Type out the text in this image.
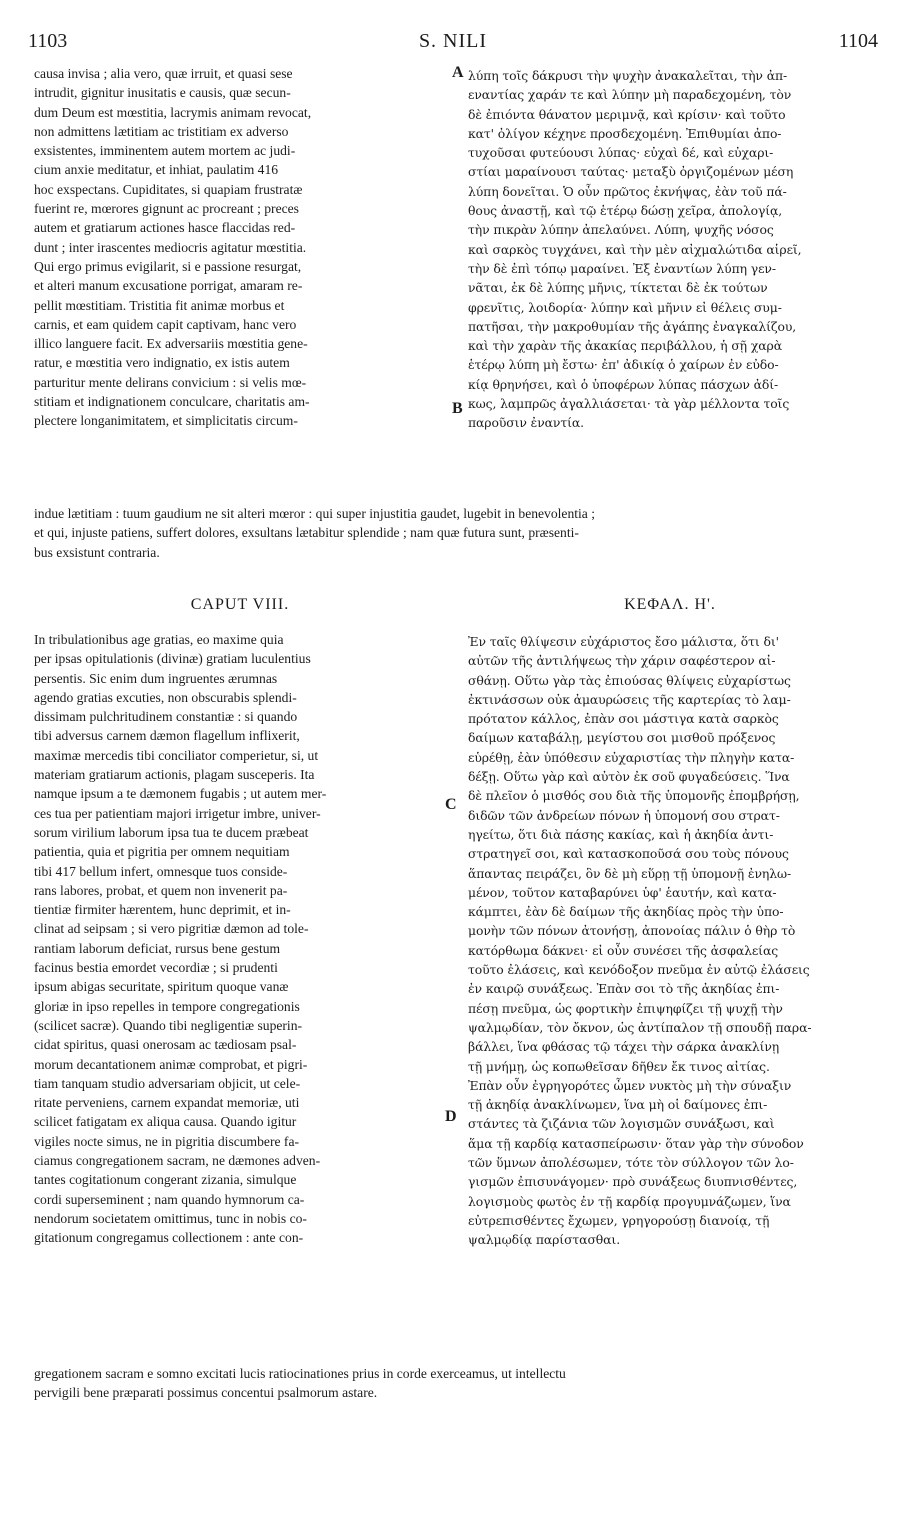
1103	S. NILI	1104
A
B
C
D
causa invisa ; alia vero, quæ irruit, et quasi sese
intrudit, gignitur inusitatis e causis, quæ secun-
dum Deum est mœstitia, lacrymis animam revocat,
non admittens lætitiam ac tristitiam ex adverso
exsistentes, imminentem autem mortem ac judi-
cium anxie meditatur, et inhiat, paulatim 416
hoc exspectans. Cupiditates, si quapiam frustratæ
fuerint re, mœrores gignunt ac procreant ; preces
autem et gratiarum actiones hasce flaccidas red-
dunt ; inter irascentes mediocris agitatur mœstitia.
Qui ergo primus evigilarit, si e passione resurgat,
et alteri manum excusatione porrigat, amaram re-
pellit mœstitiam. Tristitia fit animæ morbus et
carnis, et eam quidem capit captivam, hanc vero
illico languere facit. Ex adversariis mœstitia gene-
ratur, e mœstitia vero indignatio, ex istis autem
parturitur mente delirans convicium : si velis mœ-
stitiam et indignationem conculcare, charitatis am-
plectere longanimitatem, et simplicitatis circum-
λύπη τοῖς δάκρυσι τὴν ψυχὴν ἀνακαλεῖται, τὴν ἀπ-
εναντίας χαράν τε καὶ λύπην μὴ παραδεχομένη, τὸν
δὲ ἐπιόντα θάνατον μεριμνᾷ, καὶ κρίσιν· καὶ τοῦτο
κατ' ὀλίγον κέχηνε προσδεχομένη. Ἐπιθυμίαι ἀπο-
τυχοῦσαι φυτεύουσι λύπας· εὐχαὶ δέ, καὶ εὐχαρι-
στίαι μαραίνουσι ταύτας· μεταξὺ ὀργιζομένων μέση
λύπη δονεῖται. Ὁ οὖν πρῶτος ἐκνήψας, ἐὰν τοῦ πά-
θους ἀναστῇ, καὶ τῷ ἑτέρῳ δώσῃ χεῖρα, ἀπολογίᾳ,
τὴν πικρὰν λύπην ἀπελαύνει. Λύπη, ψυχῆς νόσος
καὶ σαρκὸς τυγχάνει, καὶ τὴν μὲν αἰχμαλώτιδα αἱρεῖ,
τὴν δὲ ἐπὶ τόπῳ μαραίνει. Ἐξ ἐναντίων λύπη γεν-
νᾶται, ἐκ δὲ λύπης μῆνις, τίκτεται δὲ ἐκ τούτων
φρενῖτις, λοιδορία· λύπην καὶ μῆνιν εἰ θέλεις συμ-
πατῆσαι, τὴν μακροθυμίαν τῆς ἀγάπης ἐναγκαλίζου,
καὶ τὴν χαρὰν τῆς ἀκακίας περιβάλλου, ἡ σῇ χαρὰ
ἑτέρῳ λύπη μὴ ἔστω· ἐπ' ἀδικίᾳ ὁ χαίρων ἐν εὐδο-
κίᾳ θρηνήσει, καὶ ὁ ὑποφέρων λύπας πάσχων ἀδί-
κως, λαμπρῶς ἀγαλλιάσεται· τὰ γὰρ μέλλοντα τοῖς
παροῦσιν ἐναντία.
indue lætitiam : tuum gaudium ne sit alteri mœror : qui super injustitia gaudet, lugebit in benevolentia ;
et qui, injuste patiens, suffert dolores, exsultans lætabitur splendide ; nam quæ futura sunt, præsenti-
bus exsistunt contraria.
CAPUT VIII.	ΚΕΦΑΛ. Η'.
In tribulationibus age gratias, eo maxime quia
per ipsas opitulationis (divinæ) gratiam luculentius
persentis. Sic enim dum ingruentes ærumnas
agendo gratias excuties, non obscurabis splendi-
dissimam pulchritudinem constantiæ : si quando
tibi adversus carnem dæmon flagellum inflixerit,
maximæ mercedis tibi conciliator comperietur, si, ut
materiam gratiarum actionis, plagam susceperis. Ita
namque ipsum a te dæmonem fugabis ; ut autem mer-
ces tua per patientiam majori irrigetur imbre, univer-
sorum virilium laborum ipsa tua te ducem præbeat
patientia, quia et pigritia per omnem nequitiam
tibi 417 bellum infert, omnesque tuos conside-
rans labores, probat, et quem non invenerit pa-
tientiæ firmiter hærentem, hunc deprimit, et in-
clinat ad seipsam ; si vero pigritiæ dæmon ad tole-
rantiam laborum deficiat, rursus bene gestum
facinus bestia emordet vecordiæ ; si prudenti
ipsum abigas securitate, spiritum quoque vanæ
gloriæ in ipso repelles in tempore congregationis
(scilicet sacræ). Quando tibi negligentiæ superin-
cidat spiritus, quasi onerosam ac tædiosam psal-
morum decantationem animæ comprobat, et pigri-
tiam tanquam studio adversariam objicit, ut cele-
ritate perveniens, carnem expandat memoriæ, uti
scilicet fatigatam ex aliqua causa. Quando igitur
vigiles nocte simus, ne in pigritia discumbere fa-
ciamus congregationem sacram, ne dæmones adven-
tantes cogitationum congerant zizania, simulque
cordi superseminent ; nam quando hymnorum ca-
nendorum societatem omittimus, tunc in nobis co-
gitationum congregamus collectionem : ante con-
Ἐν ταῖς θλίψεσιν εὐχάριστος ἔσο μάλιστα, ὅτι δι'
αὐτῶν τῆς ἀντιλήψεως τὴν χάριν σαφέστερον αἰ-
σθάνῃ. Οὕτω γὰρ τὰς ἐπιούσας θλίψεις εὐχαρίστως
ἐκτινάσσων οὐκ ἀμαυρώσεις τῆς καρτερίας τὸ λαμ-
πρότατον κάλλος, ἐπὰν σοι μάστιγα κατὰ σαρκὸς
δαίμων καταβάλῃ, μεγίστου σοι μισθοῦ πρόξενος
εὑρέθῃ, ἐὰν ὑπόθεσιν εὐχαριστίας τὴν πληγὴν κατα-
δέξῃ. Οὕτω γὰρ καὶ αὐτὸν ἐκ σοῦ φυγαδεύσεις. Ἵνα
δὲ πλεῖον ὁ μισθός σου διὰ τῆς ὑπομονῆς ἐπομβρήσῃ,
διδῶν τῶν ἀνδρείων πόνων ἡ ὑπομονή σου στρατ-
ηγείτω, ὅτι διὰ πάσης κακίας, καὶ ἡ ἀκηδία ἀντι-
στρατηγεῖ σοι, καὶ κατασκοποῦσά σου τοὺς πόνους
ἅπαντας πειράζει, ὃν δὲ μὴ εὕρῃ τῇ ὑπομονῇ ἐνηλω-
μένον, τοῦτον καταβαρύνει ὑφ' ἑαυτήν, καὶ κατα-
κάμπτει, ἐὰν δὲ δαίμων τῆς ἀκηδίας πρὸς τὴν ὑπο-
μονὴν τῶν πόνων ἀτονήσῃ, ἀπονοίας πάλιν ὁ θὴρ τὸ
κατόρθωμα δάκνει· εἰ οὖν συνέσει τῆς ἀσφαλείας
τοῦτο ἐλάσεις, καὶ κενόδοξον πνεῦμα ἐν αὐτῷ ἐλάσεις
ἐν καιρῷ συνάξεως. Ἐπὰν σοι τὸ τῆς ἀκηδίας ἐπι-
πέσῃ πνεῦμα, ὡς φορτικὴν ἐπιψηφίζει τῇ ψυχῇ τὴν
ψαλμῳδίαν, τὸν ὄκνον, ὡς ἀντίπαλον τῇ σπουδῇ παρα-
βάλλει, ἵνα φθάσας τῷ τάχει τὴν σάρκα ἀνακλίνῃ
τῇ μνήμῃ, ὡς κοπωθεῖσαν δῆθεν ἔκ τινος αἰτίας.
Ἐπὰν οὖν ἐγρηγορότες ὦμεν νυκτὸς μὴ τὴν σύναξιν
τῇ ἀκηδίᾳ ἀνακλίνωμεν, ἵνα μὴ οἱ δαίμονες ἐπι-
στάντες τὰ ζιζάνια τῶν λογισμῶν συνάξωσι, καὶ
ἅμα τῇ καρδίᾳ κατασπείρωσιν· ὅταν γὰρ τὴν σύνοδον
τῶν ὕμνων ἀπολέσωμεν, τότε τὸν σύλλογον τῶν λο-
γισμῶν ἐπισυνάγομεν· πρὸ συνάξεως διυπνισθέντες,
λογισμοὺς φωτὸς ἐν τῇ καρδίᾳ προγυμνάζωμεν, ἵνα
εὐτρεπισθέντες ἔχωμεν, γρηγορούσῃ διανοίᾳ, τῇ
ψαλμῳδίᾳ παρίστασθαι.
gregationem sacram e somno excitati lucis ratiocinationes prius in corde exerceamus, ut intellectu
pervigili bene præparati possimus concentui psalmorum astare.
